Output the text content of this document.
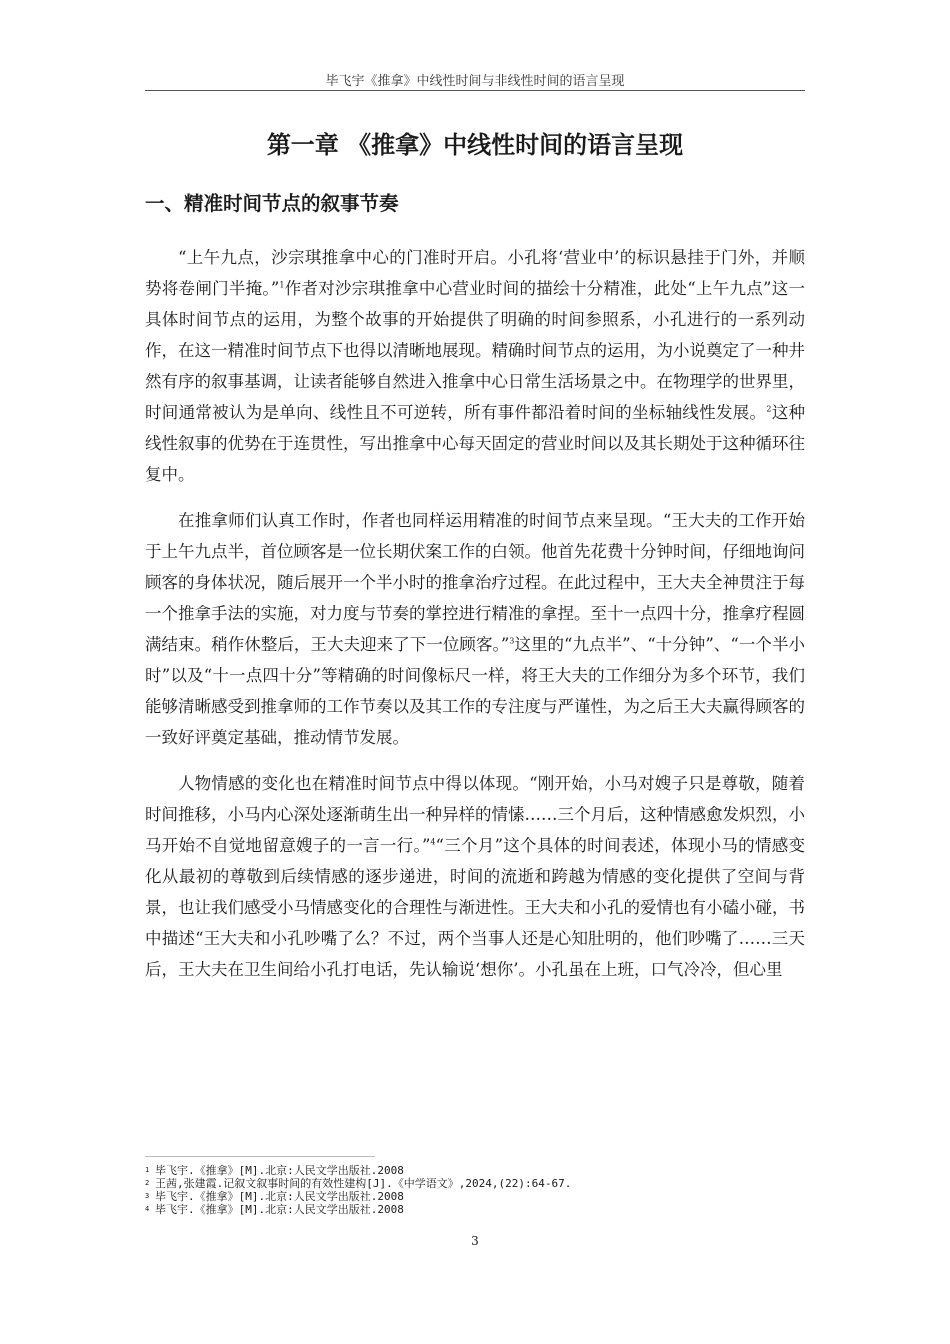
毕飞宇《推拿》中线性时间与非线性时间的语言呈现
第一章 《推拿》中线性时间的语言呈现
一、精准时间节点的叙事节奏

“上午九点，沙宗琪推拿中心的门准时开启。小孔将‘营业中’的标识悬挂于门外，并顺势将卷闸门半掩。”$^1$作者对沙宗琪推拿中心营业时间的描绘十分精准，此处“上午九点”这一具体时间节点的运用，为整个故事的开始提供了明确的时间参照系，小孔进行的一系列动作，在这一精准时间节点下也得以清晰地展现。精确时间节点的运用，为小说奠定了一种井然有序的叙事基调，让读者能够自然进入推拿中心日常生活场景之中。在物理学的世界里，时间通常被认为是单向、线性且不可逆转，所有事件都沿着时间的坐标轴线性发展。$^2$这种线性叙事的优势在于连贯性，写出推拿中心每天固定的营业时间以及其长期处于这种循环往复中。

在推拿师们认真工作时，作者也同样运用精准的时间节点来呈现。“王大夫的工作开始于上午九点半，首位顾客是一位长期伏案工作的白领。他首先花费十分钟时间，仔细地询问顾客的身体状况，随后展开一个半小时的推拿治疗过程。在此过程中，王大夫全神贯注于每一个推拿手法的实施，对力度与节奏的掌控进行精准的拿捏。至十一点四十分，推拿疗程圆满结束。稍作休整后，王大夫迎来了下一位顾客。”$^3$这里的“九点半”、“十分钟”、“一个半小时”以及“十一点四十分”等精确的时间像标尺一样，将王大夫的工作细分为多个环节，我们能够清晰感受到推拿师的工作节奏以及其工作的专注度与严谨性，为之后王大夫赢得顾客的一致好评奠定基础，推动情节发展。

人物情感的变化也在精准时间节点中得以体现。“刚开始，小马对嫂子只是尊敬，随着时间推移，小马内心深处逐渐萌生出一种异样的情愫……三个月后，这种情感愈发炽烈，小马开始不自觉地留意嫂子的一言一行。”$^4$“三个月”这个具体的时间表述，体现小马的情感变化从最初的尊敬到后续情感的逐步递进，时间的流逝和跨越为情感的变化提供了空间与背景，也让我们感受小马情感变化的合理性与渐进性。王大夫和小孔的爱情也有小磕小碰，书中描述“王大夫和小孔吵嘴了么？不过，两个当事人还是心知肚明的，他们吵嘴了……三天后，王大夫在卫生间给小孔打电话，先认输说‘想你’。小孔虽在上班，口气冷冷，但心里

1 毕飞宇.《推拿》[M].北京:人民文学出版社.2008
2 王茜,张建霞.记叙文叙事时间的有效性建构[J].《中学语文》,2024,(22):64-67.
3 毕飞宇.《推拿》[M].北京:人民文学出版社.2008
4 毕飞宇.《推拿》[M].北京:人民文学出版社.2008
3
